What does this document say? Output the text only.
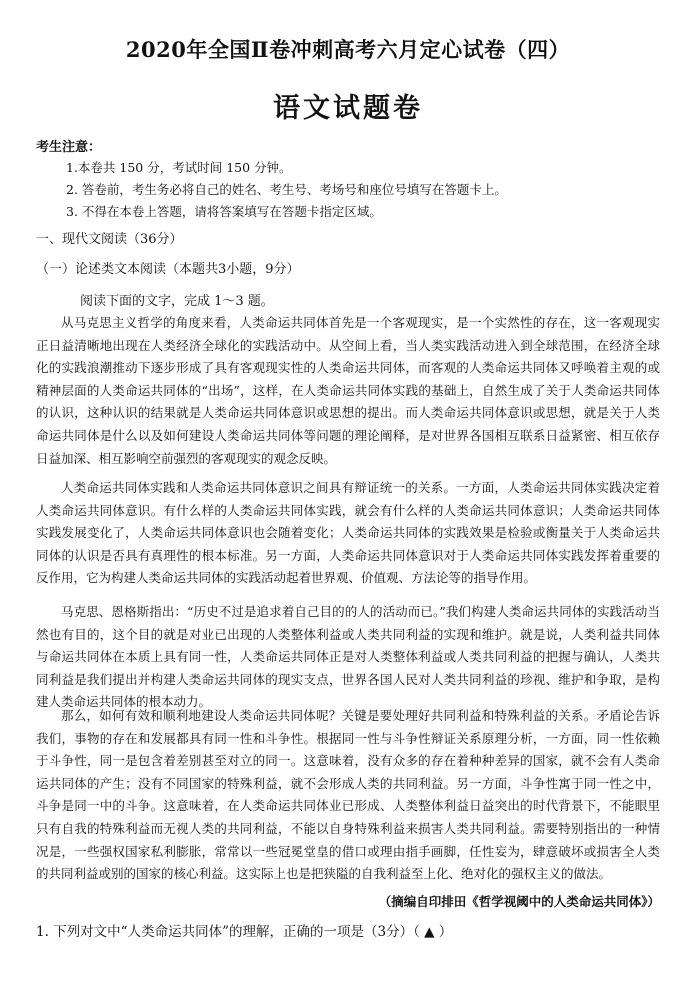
2020年全国Ⅱ卷冲刺高考六月定心试卷（四）
语文试题卷
考生注意：
1.本卷共 150 分，考试时间 150 分钟。
2. 答卷前，考生务必将自己的姓名、考生号、考场号和座位号填写在答题卡上。
3. 不得在本卷上答题，请将答案填写在答题卡指定区域。
一、现代文阅读（36分）
（一）论述类文本阅读（本题共3小题，9分）
阅读下面的文字，完成 1～3 题。

从马克思主义哲学的角度来看，人类命运共同体首先是一个客观现实，是一个实然性的存在，这一客观现实正日益清晰地出现在人类经济全球化的实践活动中。从空间上看，当人类实践活动进入到全球范围，在经济全球化的实践浪潮推动下逐步形成了具有客观现实性的人类命运共同体，而客观的人类命运共同体又呼唤着主观的或精神层面的人类命运共同体的“出场”，这样，在人类命运共同体实践的基础上，自然生成了关于人类命运共同体的认识，这种认识的结果就是人类命运共同体意识或思想的提出。而人类命运共同体意识或思想，就是关于人类命运共同体是什么以及如何建设人类命运共同体等问题的理论阐释，是对世界各国相互联系日益紧密、相互依存日益加深、相互影响空前强烈的客观现实的观念反映。

人类命运共同体实践和人类命运共同体意识之间具有辩证统一的关系。一方面，人类命运共同体实践决定着人类命运共同体意识。有什么样的人类命运共同体实践，就会有什么样的人类命运共同体意识；人类命运共同体实践发展变化了，人类命运共同体意识也会随着变化；人类命运共同体的实践效果是检验或衡量关于人类命运共同体的认识是否具有真理性的根本标准。另一方面，人类命运共同体意识对于人类命运共同体实践发挥着重要的反作用，它为构建人类命运共同体的实践活动起着世界观、价值观、方法论等的指导作用。

马克思、恩格斯指出：“历史不过是追求着自己目的的人的活动而已。”我们构建人类命运共同体的实践活动当然也有目的，这个目的就是对业已出现的人类整体利益或人类共同利益的实现和维护。就是说，人类利益共同体与命运共同体在本质上具有同一性，人类命运共同体正是对人类整体利益或人类共同利益的把握与确认，人类共同利益是我们提出并构建人类命运共同体的现实支点，世界各国人民对人类共同利益的珍视、维护和争取，是构建人类命运共同体的根本动力。

那么，如何有效和顺利地建设人类命运共同体呢？关键是要处理好共同利益和特殊利益的关系。矛盾论告诉我们，事物的存在和发展都具有同一性和斗争性。根据同一性与斗争性辩证关系原理分析，一方面，同一性依赖于斗争性，同一是包含着差别甚至对立的同一。这意味着，没有众多的存在着种种差异的国家，就不会有人类命运共同体的产生；没有不同国家的特殊利益，就不会形成人类的共同利益。另一方面，斗争性寓于同一性之中，斗争是同一中的斗争。这意味着，在人类命运共同体业已形成、人类整体利益日益突出的时代背景下，不能眼里只有自我的特殊利益而无视人类的共同利益，不能以自身特殊利益来损害人类共同利益。需要特别指出的一种情况是，一些强权国家私利膨胀，常常以一些冠冕堂皇的借口或理由指手画脚，任性妄为，肆意破坏或损害全人类的共同利益或别的国家的核心利益。这实际上也是把狭隘的自我利益至上化、绝对化的强权主义的做法。

（摘编自印排田《哲学视阈中的人类命运共同体》）
1. 下列对文中“人类命运共同体”的理解，正确的一项是（3分）（ ▲ ）
